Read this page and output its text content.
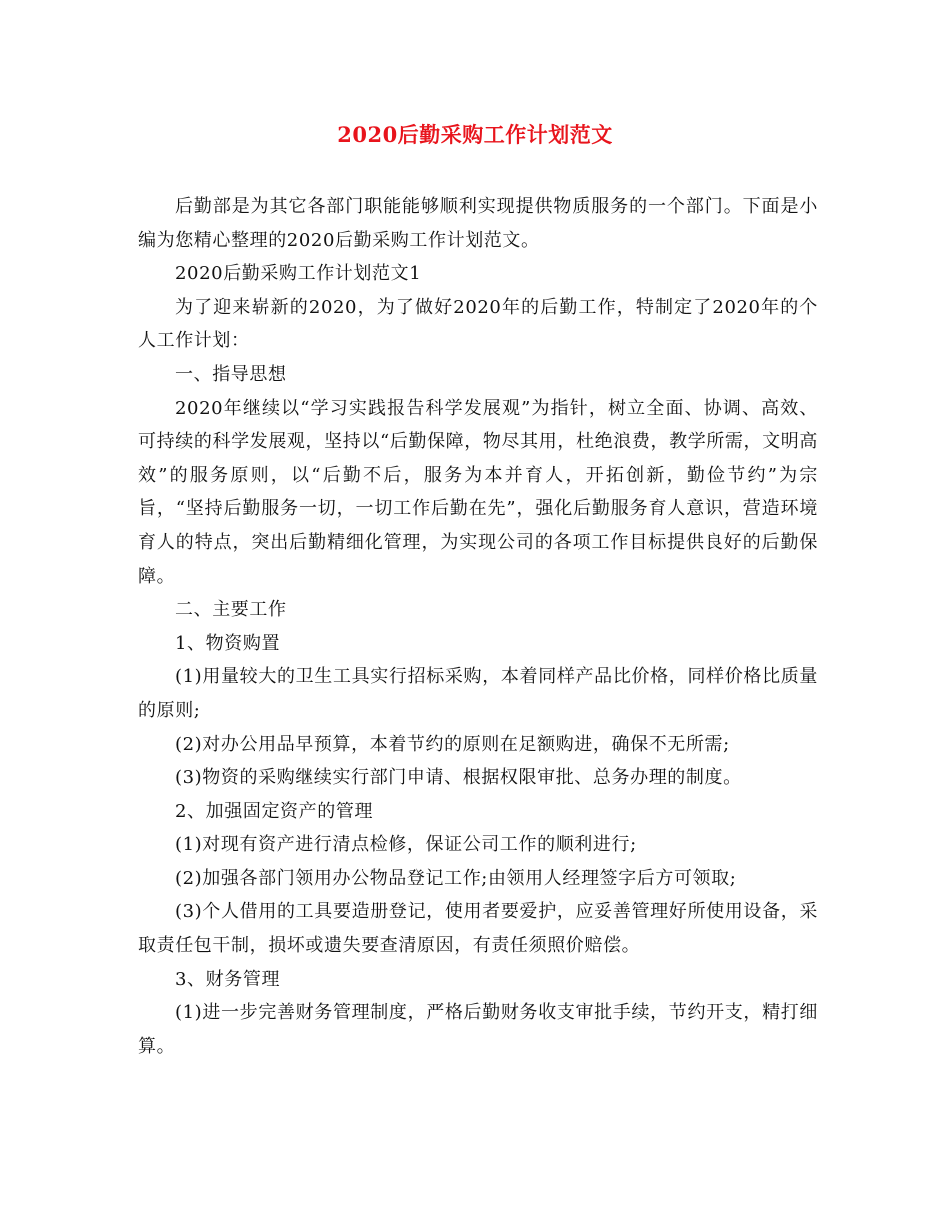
2020后勤采购工作计划范文

后勤部是为其它各部门职能能够顺利实现提供物质服务的一个部门。下面是小编为您精心整理的2020后勤采购工作计划范文。

2020后勤采购工作计划范文1

为了迎来崭新的2020，为了做好2020年的后勤工作，特制定了2020年的个人工作计划：

一、指导思想

2020年继续以“学习实践报告科学发展观”为指针，树立全面、协调、高效、可持续的科学发展观，坚持以“后勤保障，物尽其用，杜绝浪费，教学所需，文明高效”的服务原则，以“后勤不后，服务为本并育人，开拓创新，勤俭节约”为宗旨，“坚持后勤服务一切，一切工作后勤在先”，强化后勤服务育人意识，营造环境育人的特点，突出后勤精细化管理，为实现公司的各项工作目标提供良好的后勤保障。

二、主要工作

1、物资购置

(1)用量较大的卫生工具实行招标采购，本着同样产品比价格，同样价格比质量的原则;

(2)对办公用品早预算，本着节约的原则在足额购进，确保不无所需;

(3)物资的采购继续实行部门申请、根据权限审批、总务办理的制度。

2、加强固定资产的管理

(1)对现有资产进行清点检修，保证公司工作的顺利进行;

(2)加强各部门领用办公物品登记工作;由领用人经理签字后方可领取;

(3)个人借用的工具要造册登记，使用者要爱护，应妥善管理好所使用设备，采取责任包干制，损坏或遗失要查清原因，有责任须照价赔偿。

3、财务管理

(1)进一步完善财务管理制度，严格后勤财务收支审批手续，节约开支，精打细算。
